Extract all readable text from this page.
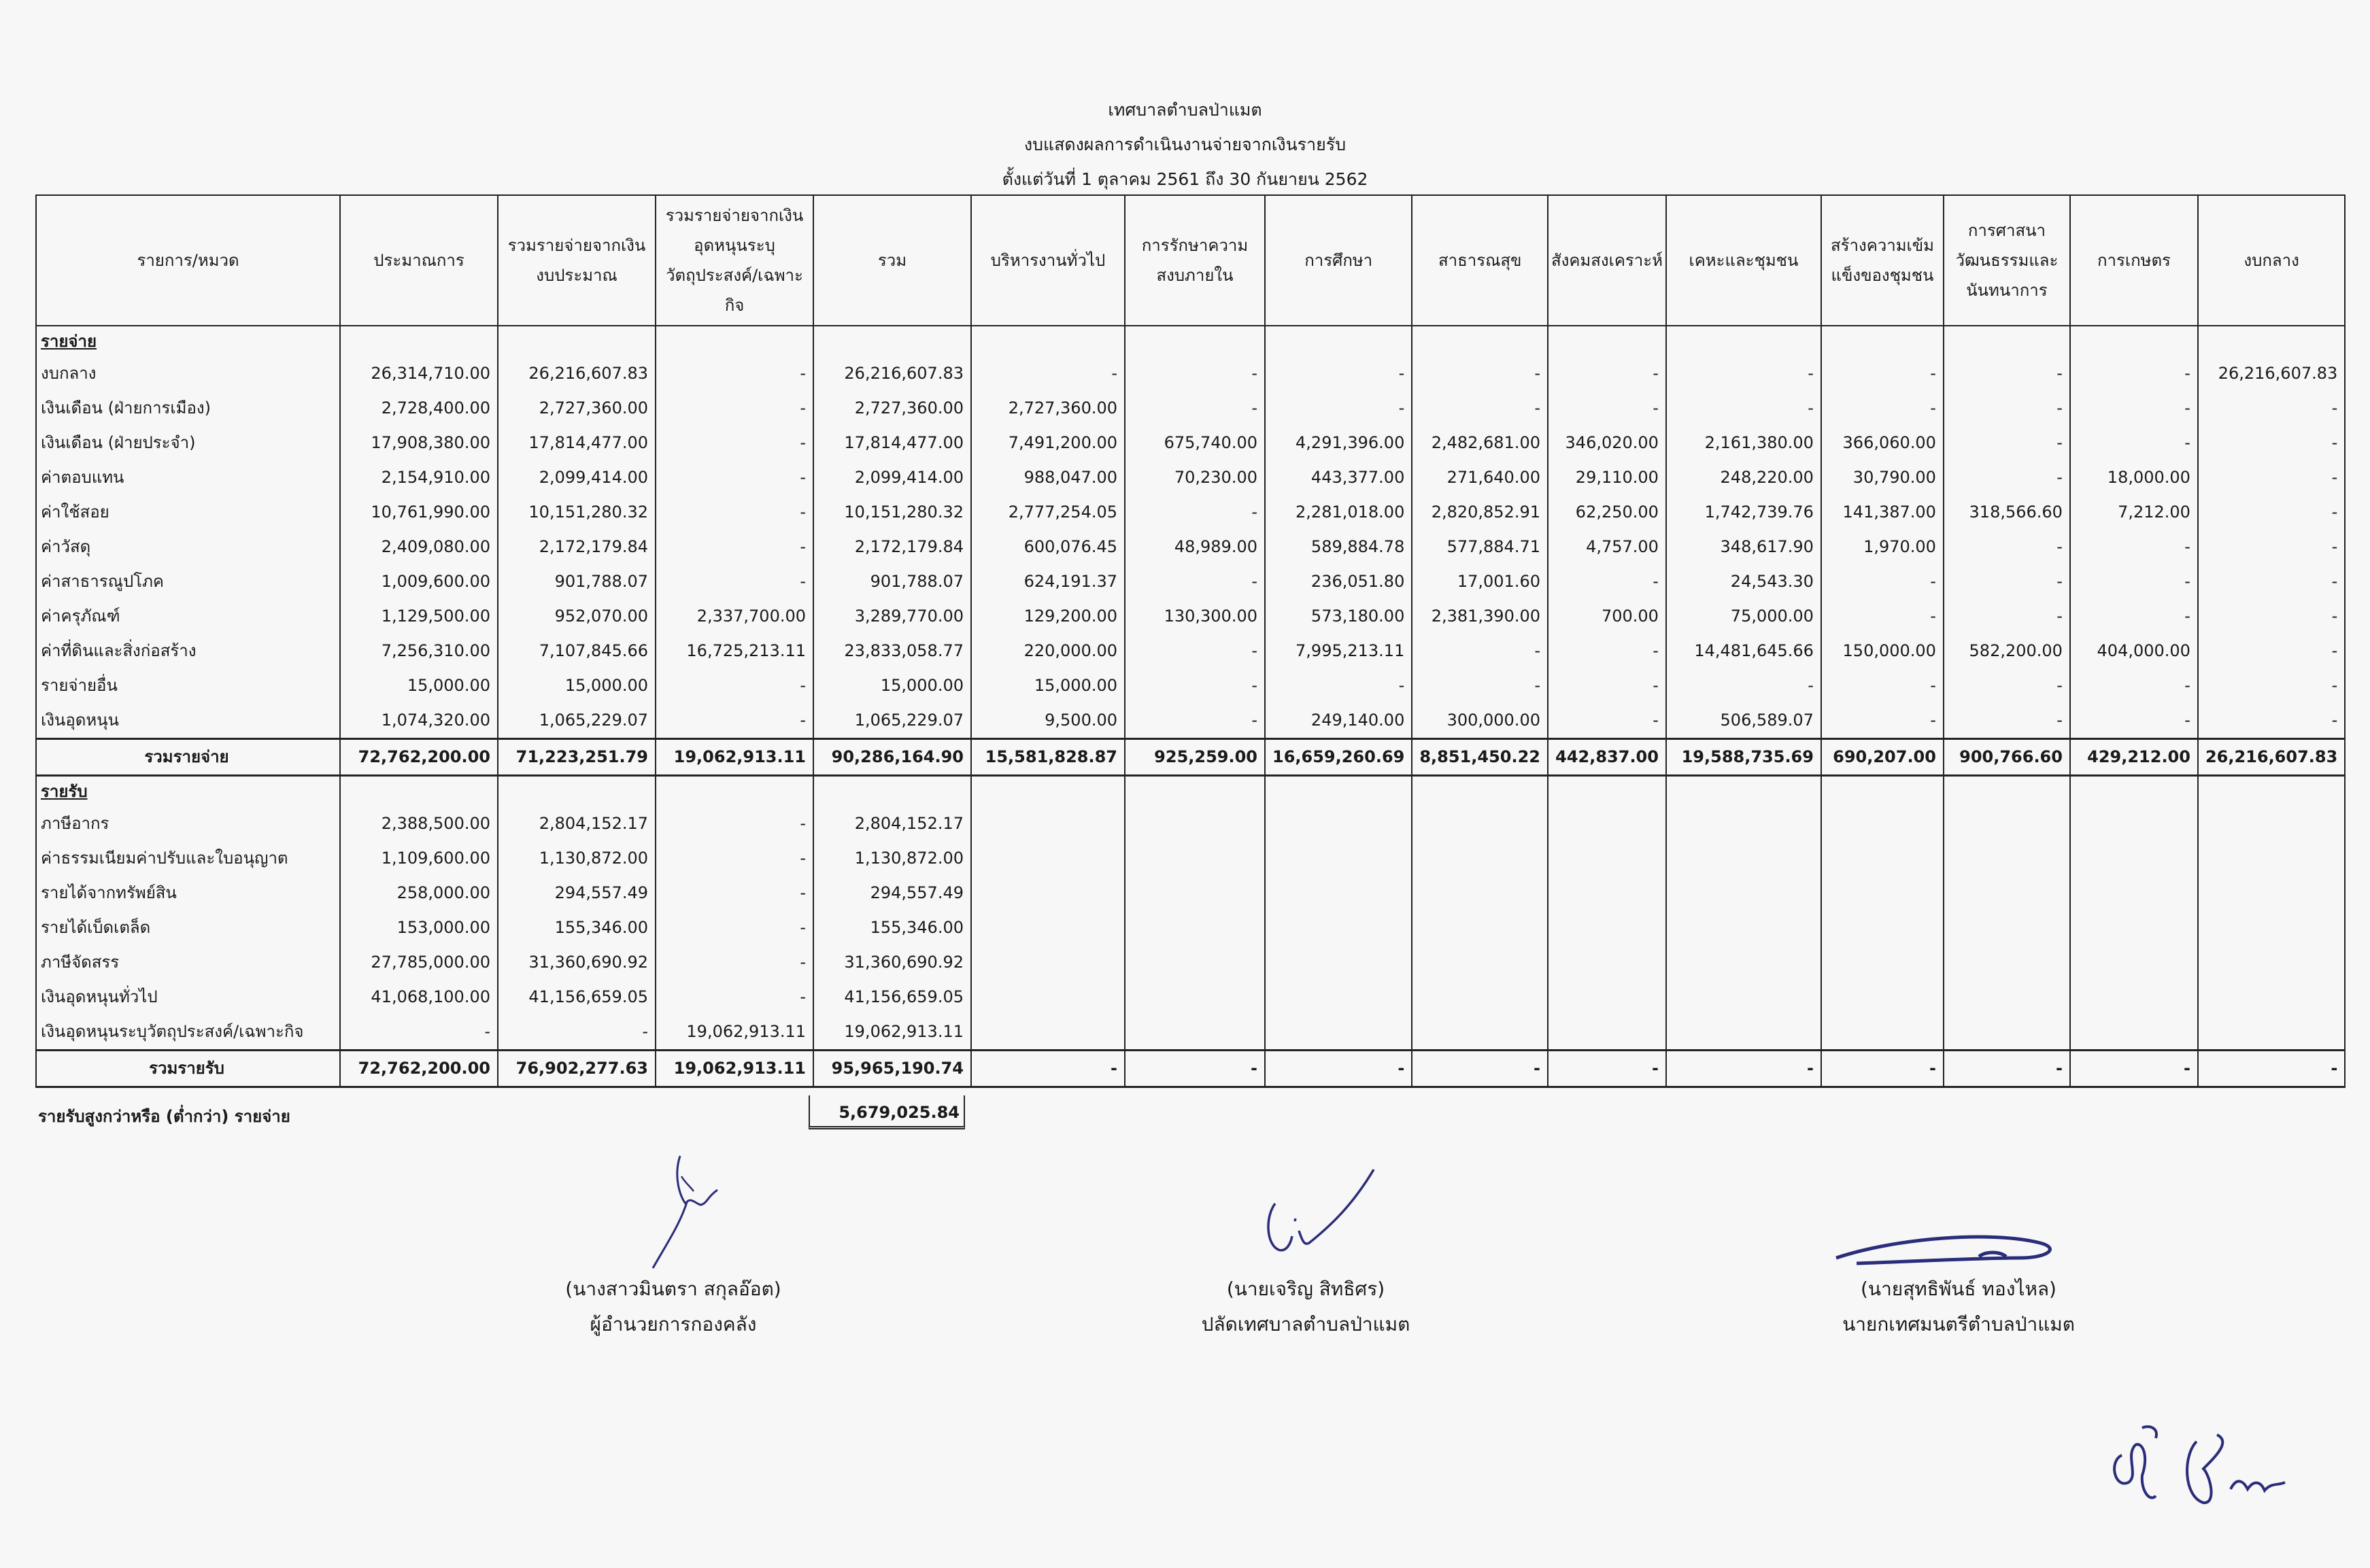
เทศบาลตำบลป่าแมต
งบแสดงผลการดำเนินงานจ่ายจากเงินรายรับ
ตั้งแต่วันที่ 1 ตุลาคม 2561 ถึง 30 กันยายน 2562
รายการ/หมวด	ประมาณการ	รวมรายจ่ายจากเงินงบประมาณ	รวมรายจ่ายจากเงินอุดหนุนระบุวัตถุประสงค์/เฉพาะกิจ	รวม	บริหารงานทั่วไป	การรักษาความสงบภายใน	การศึกษา	สาธารณสุข	สังคมสงเคราะห์	เคหะและชุมชน	สร้างความเข้มแข็งของชุมชน	การศาสนาวัฒนธรรมและนันทนาการ	การเกษตร	งบกลาง
รายจ่าย														
งบกลาง	26,314,710.00	26,216,607.83	-	26,216,607.83	-	-	-	-	-	-	-	-	-	26,216,607.83
เงินเดือน (ฝ่ายการเมือง)	2,728,400.00	2,727,360.00	-	2,727,360.00	2,727,360.00	-	-	-	-	-	-	-	-	-
เงินเดือน (ฝ่ายประจำ)	17,908,380.00	17,814,477.00	-	17,814,477.00	7,491,200.00	675,740.00	4,291,396.00	2,482,681.00	346,020.00	2,161,380.00	366,060.00	-	-	-
ค่าตอบแทน	2,154,910.00	2,099,414.00	-	2,099,414.00	988,047.00	70,230.00	443,377.00	271,640.00	29,110.00	248,220.00	30,790.00	-	18,000.00	-
ค่าใช้สอย	10,761,990.00	10,151,280.32	-	10,151,280.32	2,777,254.05	-	2,281,018.00	2,820,852.91	62,250.00	1,742,739.76	141,387.00	318,566.60	7,212.00	-
ค่าวัสดุ	2,409,080.00	2,172,179.84	-	2,172,179.84	600,076.45	48,989.00	589,884.78	577,884.71	4,757.00	348,617.90	1,970.00	-	-	-
ค่าสาธารณูปโภค	1,009,600.00	901,788.07	-	901,788.07	624,191.37	-	236,051.80	17,001.60	-	24,543.30	-	-	-	-
ค่าครุภัณฑ์	1,129,500.00	952,070.00	2,337,700.00	3,289,770.00	129,200.00	130,300.00	573,180.00	2,381,390.00	700.00	75,000.00	-	-	-	-
ค่าที่ดินและสิ่งก่อสร้าง	7,256,310.00	7,107,845.66	16,725,213.11	23,833,058.77	220,000.00	-	7,995,213.11	-	-	14,481,645.66	150,000.00	582,200.00	404,000.00	-
รายจ่ายอื่น	15,000.00	15,000.00	-	15,000.00	15,000.00	-	-	-	-	-	-	-	-	-
เงินอุดหนุน	1,074,320.00	1,065,229.07	-	1,065,229.07	9,500.00	-	249,140.00	300,000.00	-	506,589.07	-	-	-	-
รวมรายจ่าย	72,762,200.00	71,223,251.79	19,062,913.11	90,286,164.90	15,581,828.87	925,259.00	16,659,260.69	8,851,450.22	442,837.00	19,588,735.69	690,207.00	900,766.60	429,212.00	26,216,607.83
รายรับ														
ภาษีอากร	2,388,500.00	2,804,152.17	-	2,804,152.17										
ค่าธรรมเนียมค่าปรับและใบอนุญาต	1,109,600.00	1,130,872.00	-	1,130,872.00										
รายได้จากทรัพย์สิน	258,000.00	294,557.49	-	294,557.49										
รายได้เบ็ดเตล็ด	153,000.00	155,346.00	-	155,346.00										
ภาษีจัดสรร	27,785,000.00	31,360,690.92	-	31,360,690.92										
เงินอุดหนุนทั่วไป	41,068,100.00	41,156,659.05	-	41,156,659.05										
เงินอุดหนุนระบุวัตถุประสงค์/เฉพาะกิจ	-	-	19,062,913.11	19,062,913.11										
รวมรายรับ	72,762,200.00	76,902,277.63	19,062,913.11	95,965,190.74	-	-	-	-	-	-	-	-	-	-
รายรับสูงกว่าหรือ (ต่ำกว่า) รายจ่าย	5,679,025.84
(นางสาวมินตรา สกุลอ๊อต)
ผู้อำนวยการกองคลัง
(นายเจริญ สิทธิศร)
ปลัดเทศบาลตำบลป่าแมต
(นายสุทธิพันธ์ ทองไหล)
นายกเทศมนตรีตำบลป่าแมต
